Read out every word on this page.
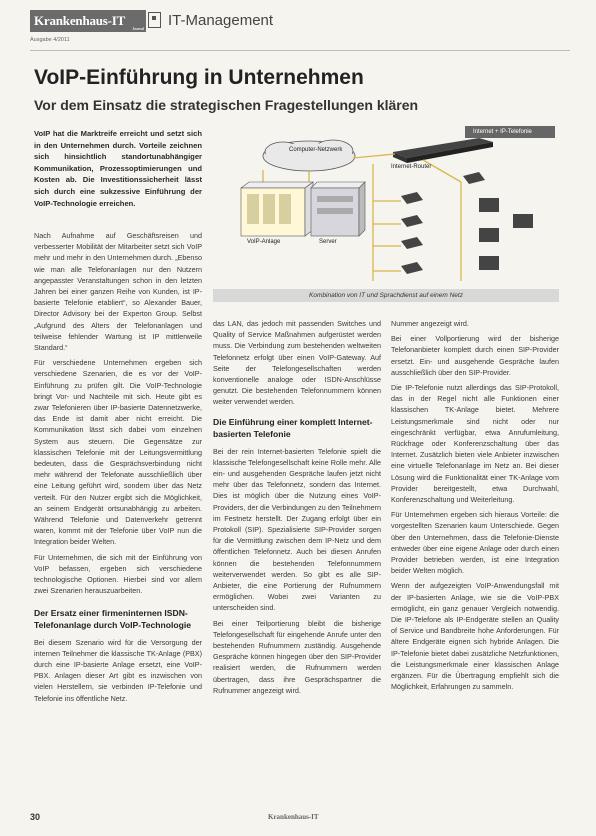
Krankenhaus-IT
Journal
Ausgabe 4/2011
IT-Management
VoIP-Einführung in Unternehmen
Vor dem Einsatz die strategischen Fragestellungen klären

VoIP hat die Marktreife erreicht und setzt sich in den Unternehmen durch. Vorteile zeichnen sich hinsichtlich standortunabhängiger Kommunikation, Prozessoptimierungen und Kosten ab. Die Investitionssicherheit lässt sich durch eine sukzessive Einführung der VoIP-Technologie erreichen.

Nach Aufnahme auf Geschäftsreisen und verbesserter Mobilität der Mitarbeiter setzt sich VoIP mehr und mehr in den Unternehmen durch. „Ebenso wie man alle Telefonanlagen nur den Nutzern angepasster Veranstaltungen schon in den letzten Jahren bei einer ganzen Reihe von Kunden, ist IP-basierte Telefonie etabliert“, so Alexander Bauer, Director Advisory bei der Experton Group. Selbst „Aufgrund des Alters der Telefonanlagen und teilweise fehlender Wartung ist IP mittlerweile Standard.“

Für verschiedene Unternehmen ergeben sich verschiedene Szenarien, die es vor der VoIP-Einführung zu prüfen gilt. Die VoIP-Technologie bringt Vor- und Nachteile mit sich. Heute gibt es zwar Telefonieren über IP-basierte Datennetzwerke, das Ende ist damit aber nicht erreicht. Die Kommunikation lässt sich dabei vom einzelnen System aus steuern. Die Gegensätze zur klassischen Telefonie mit der Leitungsvermittlung bedeuten, dass die Gesprächsverbindung nicht mehr während der Telefonate ausschließlich über eine Leitung geführt wird, sondern über das Netz verteilt. Für den Nutzer ergibt sich die Möglichkeit, an seinem Endgerät ortsunabhängig zu arbeiten. Während Telefonie und Datenverkehr getrennt waren, kommt mit der Telefonie über VoIP nun die Integration beider Welten.

Für Unternehmen, die sich mit der Einführung von VoIP befassen, ergeben sich verschiedene technologische Optionen. Hierbei sind vor allem zwei Szenarien herauszuarbeiten.

Der Ersatz einer firmeninternen ISDN-Telefonanlage durch VoIP-Technologie

Bei diesem Szenario wird für die Versorgung der internen Teilnehmer die klassische TK-Anlage (PBX) durch eine IP-basierte Anlage ersetzt, eine VoIP-PBX. Anlagen dieser Art gibt es inzwischen von vielen Herstellern, sie verbinden IP-Telefonie und Telefonie ins öffentliche Netz.

das LAN, das jedoch mit passenden Switches und Quality of Service Maßnahmen aufgerüstet werden muss. Die Verbindung zum bestehenden weltweiten Telefonnetz erfolgt über einen VoIP-Gateway. Auf Seite der Telefongesellschaften werden konventionelle analoge oder ISDN-Anschlüsse genutzt. Die bestehenden Telefonnummern können weiter verwendet werden.

Die Einführung einer komplett Internet-basierten Telefonie

Bei der rein Internet-basierten Telefonie spielt die klassische Telefongesellschaft keine Rolle mehr. Alle ein- und ausgehenden Gespräche laufen jetzt nicht mehr über das Telefonnetz, sondern das Internet. Dies ist möglich über die Nutzung eines VoIP-Providers, der die Verbindungen zu den Teilnehmern im Festnetz herstellt. Der Zugang erfolgt über ein Protokoll (SIP). Spezialisierte SIP-Provider sorgen für die Vermittlung zwischen dem IP-Netz und dem öffentlichen Telefonnetz. Auch bei diesen Anrufen können die bestehenden Telefonnummern weiterverwendet werden. So gibt es alle SIP-Anbieter, die eine Portierung der Rufnummern ermöglichen. Wobei zwei Varianten zu unterscheiden sind.

Bei einer Teilportierung bleibt die bisherige Telefongesellschaft für eingehende Anrufe unter den bestehenden Rufnummern zuständig. Ausgehende Gespräche können hingegen über den SIP-Provider realisiert werden, die Rufnummern werden übertragen, dass ihre Gesprächspartner die Rufnummer angezeigt wird.

Nummer angezeigt wird.

Bei einer Vollportierung wird der bisherige Telefonanbieter komplett durch einen SIP-Provider ersetzt. Ein- und ausgehende Gespräche laufen ausschließlich über den SIP-Provider.

Die IP-Telefonie nutzt allerdings das SIP-Protokoll, das in der Regel nicht alle Funktionen einer klassischen TK-Anlage bietet. Mehrere Leistungsmerkmale sind nicht oder nur eingeschränkt verfügbar, etwa Anrufumleitung, Rückfrage oder Konferenzschaltung über das Internet. Zusätzlich bieten viele Anbieter inzwischen eine virtuelle Telefonanlage im Netz an. Bei dieser Lösung wird die Funktionalität einer TK-Anlage vom Provider bereitgestellt, etwa Durchwahl, Konferenzschaltung und Weiterleitung.

Für Unternehmen ergeben sich hieraus Vorteile: die vorgestellten Szenarien kaum Unterschiede. Gegen über den Unternehmen, dass die Telefonie-Dienste entweder über eine eigene Anlage oder durch einen Provider betrieben werden, ist eine Integration beider Welten möglich.

Wenn der aufgezeigten VoIP-Anwendungsfall mit der IP-basierten Anlage, wie sie die VoIP-PBX ermöglicht, ein ganz genauer Vergleich notwendig. Die IP-Telefone als IP-Endgeräte stellen an Quality of Service und Bandbreite hohe Anforderungen. Für ältere Endgeräte eignen sich hybride Anlagen. Die IP-Telefonie bietet dabei zusätzliche Netzfunktionen, die Leistungsmerkmale einer klassischen Anlage ergänzen. Für die Übertragung empfiehlt sich die Möglichkeit, Erfahrungen zu sammeln.

Computer-Netzwerk
Internet + IP-Telefonie
Internet-Router
VoIP-Anlage	Server
Kombination von IT und Sprachdienst auf einem Netz
30	Krankenhaus-IT
